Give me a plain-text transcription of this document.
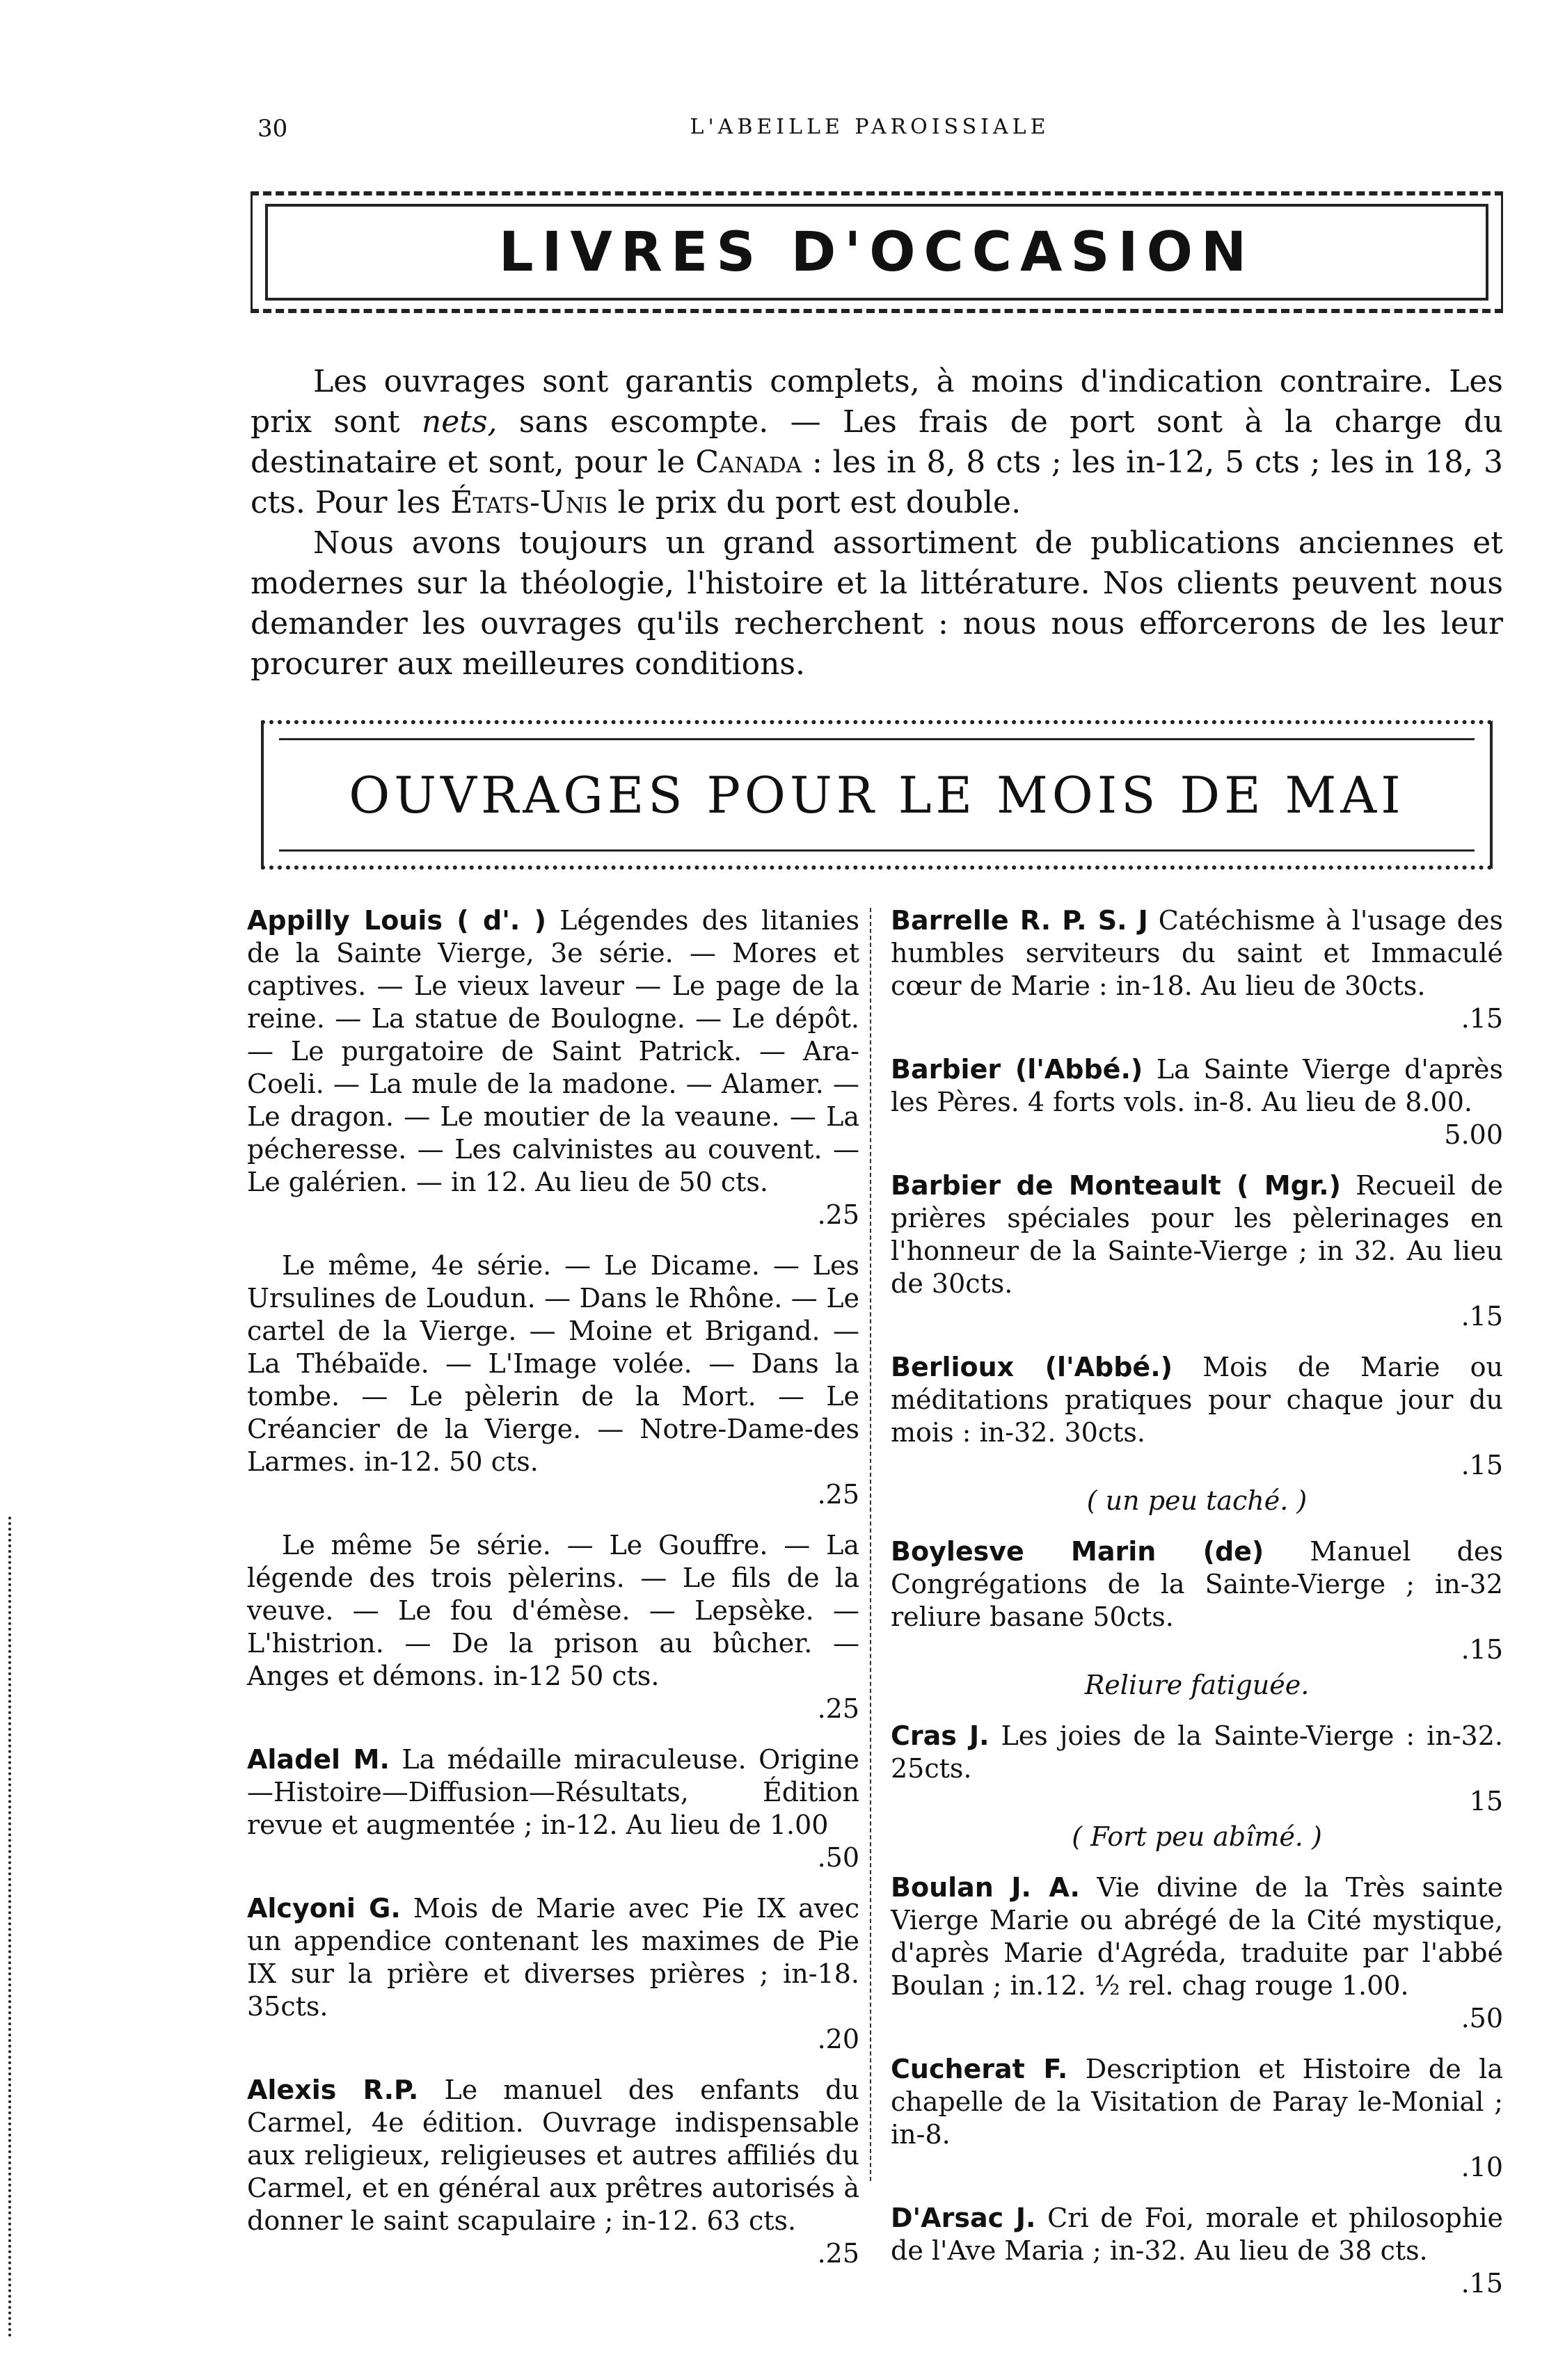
30	L'ABEILLE PAROISSIALE
LIVRES D'OCCASION

Les ouvrages sont garantis complets, à moins d'indication contraire. Les prix sont nets, sans escompte. — Les frais de port sont à la charge du destinataire et sont, pour le Canada : les in 8, 8 cts ; les in-12, 5 cts ; les in 18, 3 cts. Pour les États-Unis le prix du port est double.

Nous avons toujours un grand assortiment de publications anciennes et modernes sur la théologie, l'histoire et la littérature. Nos clients peuvent nous demander les ouvrages qu'ils recherchent : nous nous efforcerons de les leur procurer aux meilleures conditions.

OUVRAGES POUR LE MOIS DE MAI
Appilly Louis ( d'. ) Légendes des litanies de la Sainte Vierge, 3e série. — Mores et captives. — Le vieux laveur — Le page de la reine. — La statue de Boulogne. — Le dépôt. — Le purgatoire de Saint Patrick. — Ara-Coeli. — La mule de la madone. — Alamer. — Le dragon. — Le moutier de la veaune. — La pécheresse. — Les calvinistes au couvent. — Le galérien. — in 12. Au lieu de 50 cts.
.25
Le même, 4e série. — Le Dicame. — Les Ursulines de Loudun. — Dans le Rhône. — Le cartel de la Vierge. — Moine et Brigand. — La Thébaïde. — L'Image volée. — Dans la tombe. — Le pèlerin de la Mort. — Le Créancier de la Vierge. — Notre-Dame-des Larmes. in-12. 50 cts.
.25
Le même 5e série. — Le Gouffre. — La légende des trois pèlerins. — Le fils de la veuve. — Le fou d'émèse. — Lepsèke. — L'histrion. — De la prison au bûcher. — Anges et démons. in-12 50 cts.
.25
Aladel M. La médaille miraculeuse. Origine—Histoire—Diffusion—Résultats, Édition revue et augmentée ; in-12. Au lieu de 1.00
.50
Alcyoni G. Mois de Marie avec Pie IX avec un appendice contenant les maximes de Pie IX sur la prière et diverses prières ; in-18. 35cts.
.20
Alexis R.P. Le manuel des enfants du Carmel, 4e édition. Ouvrage indispensable aux religieux, religieuses et autres affiliés du Carmel, et en général aux prêtres autorisés à donner le saint scapulaire ; in-12. 63 cts.
.25
Barrelle R. P. S. J Catéchisme à l'usage des humbles serviteurs du saint et Immaculé cœur de Marie : in-18. Au lieu de 30cts.
.15
Barbier (l'Abbé.) La Sainte Vierge d'après les Pères. 4 forts vols. in-8. Au lieu de 8.00.
5.00
Barbier de Monteault ( Mgr.) Recueil de prières spéciales pour les pèlerinages en l'honneur de la Sainte-Vierge ; in 32. Au lieu de 30cts.
.15
Berlioux (l'Abbé.) Mois de Marie ou méditations pratiques pour chaque jour du mois : in-32. 30cts.
.15
( un peu taché. )
Boylesve Marin (de) Manuel des Congrégations de la Sainte-Vierge ; in-32 reliure basane 50cts.
.15
Reliure fatiguée.
Cras J. Les joies de la Sainte-Vierge : in-32. 25cts.
15
( Fort peu abîmé. )
Boulan J. A. Vie divine de la Très sainte Vierge Marie ou abrégé de la Cité mystique, d'après Marie d'Agréda, traduite par l'abbé Boulan ; in.12. ½ rel. chag rouge 1.00.
.50
Cucherat F. Description et Histoire de la chapelle de la Visitation de Paray le-Monial ; in-8.
.10
D'Arsac J. Cri de Foi, morale et philosophie de l'Ave Maria ; in-32. Au lieu de 38 cts.
.15
